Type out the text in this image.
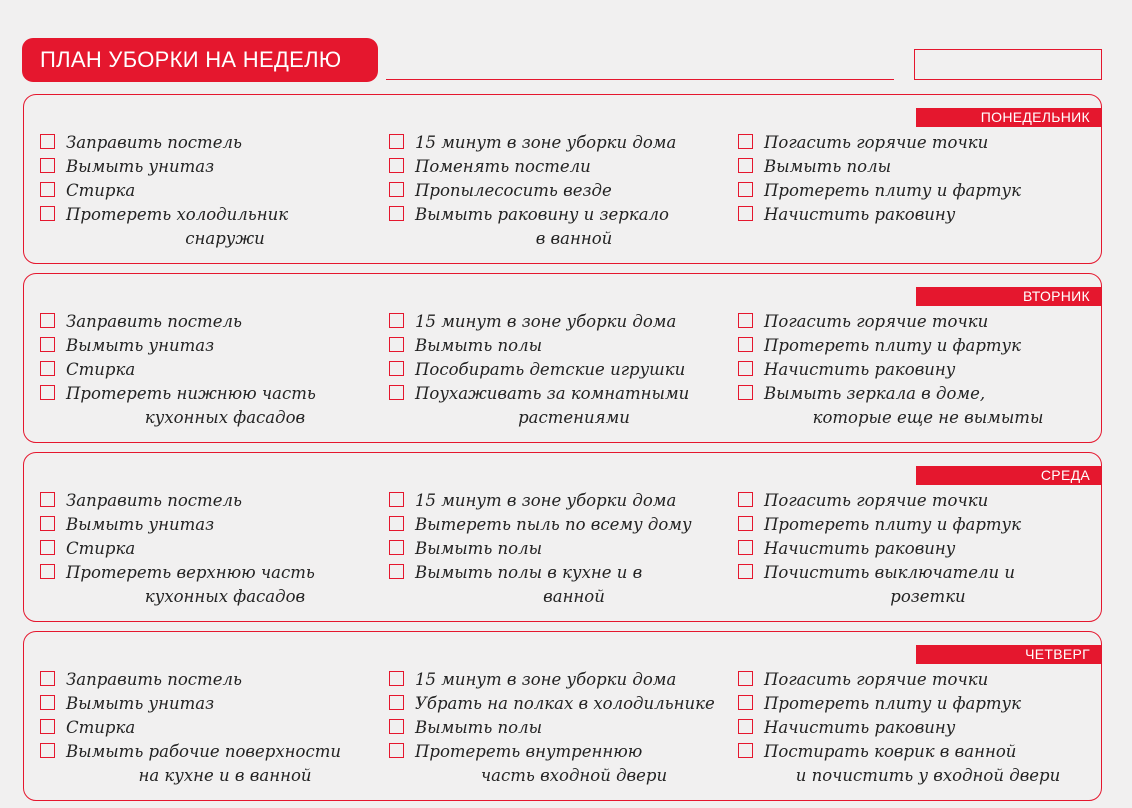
ПЛАН УБОРКИ НА НЕДЕЛЮ
ПОНЕДЕЛЬНИК
Заправить постель
Вымыть унитаз
Стирка
Протереть холодильник
снаружи
15 минут в зоне уборки дома
Поменять постели
Пропылесосить везде
Вымыть раковину и зеркало
в ванной
Погасить горячие точки
Вымыть полы
Протереть плиту и фартук
Начистить раковину
ВТОРНИК
Заправить постель
Вымыть унитаз
Стирка
Протереть нижнюю часть
кухонных фасадов
15 минут в зоне уборки дома
Вымыть полы
Пособирать детские игрушки
Поухаживать за комнатными
растениями
Погасить горячие точки
Протереть плиту и фартук
Начистить раковину
Вымыть зеркала в доме,
которые еще не вымыты
СРЕДА
Заправить постель
Вымыть унитаз
Стирка
Протереть верхнюю часть
кухонных фасадов
15 минут в зоне уборки дома
Вытереть пыль по всему дому
Вымыть полы
Вымыть полы в кухне и в
ванной
Погасить горячие точки
Протереть плиту и фартук
Начистить раковину
Почистить выключатели и
розетки
ЧЕТВЕРГ
Заправить постель
Вымыть унитаз
Стирка
Вымыть рабочие поверхности
на кухне и в ванной
15 минут в зоне уборки дома
Убрать на полках в холодильнике
Вымыть полы
Протереть внутреннюю
часть входной двери
Погасить горячие точки
Протереть плиту и фартук
Начистить раковину
Постирать коврик в ванной
и почистить у входной двери
